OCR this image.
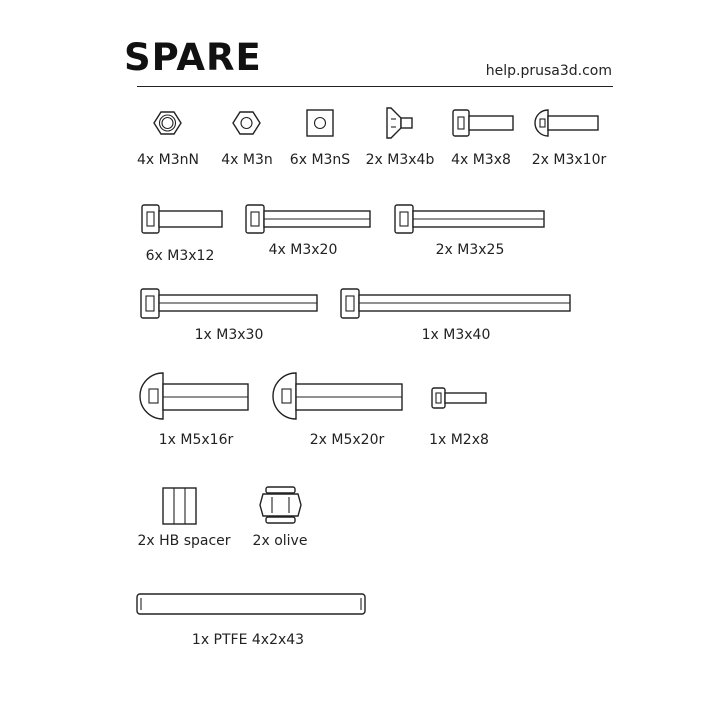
SPARE	help.prusa3d.com
4x M3nN 4x M3n 6x M3nS 2x M3x4b 4x M3x8 2x M3x10r
6x M3x12	4x M3x20	2x M3x25
1x M3x30	1x M3x40
1x M5x16r	2x M5x20r	1x M2x8
2x HB spacer 2x olive
1x PTFE 4x2x43
